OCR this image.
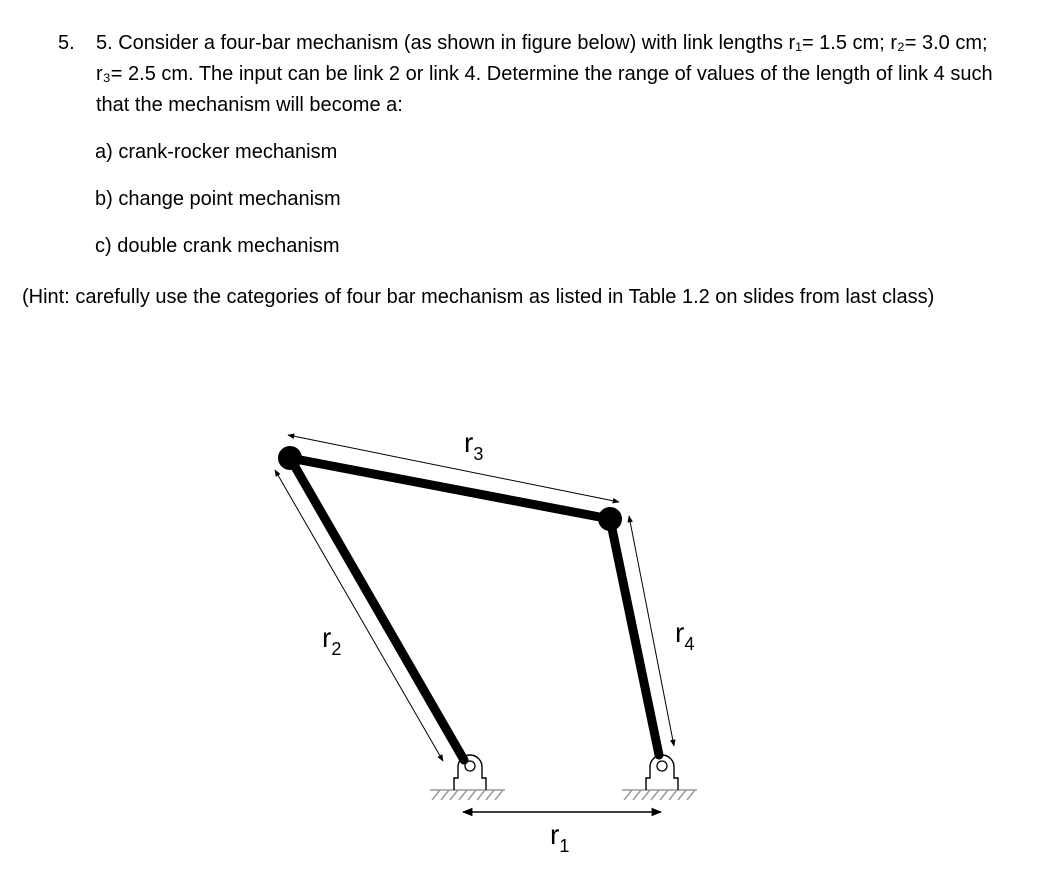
5. 5. Consider a four-bar mechanism (as shown in figure below) with link lengths r₁= 1.5 cm; r₂= 3.0 cm; r₃= 2.5 cm. The input can be link 2 or link 4. Determine the range of values of the length of link 4 such that the mechanism will become a:

a) crank-rocker mechanism
b) change point mechanism
c) double crank mechanism

(Hint: carefully use the categories of four bar mechanism as listed in Table 1.2 on slides from last class)

$r_3$
$r_2$
$r_4$
$r_1$
